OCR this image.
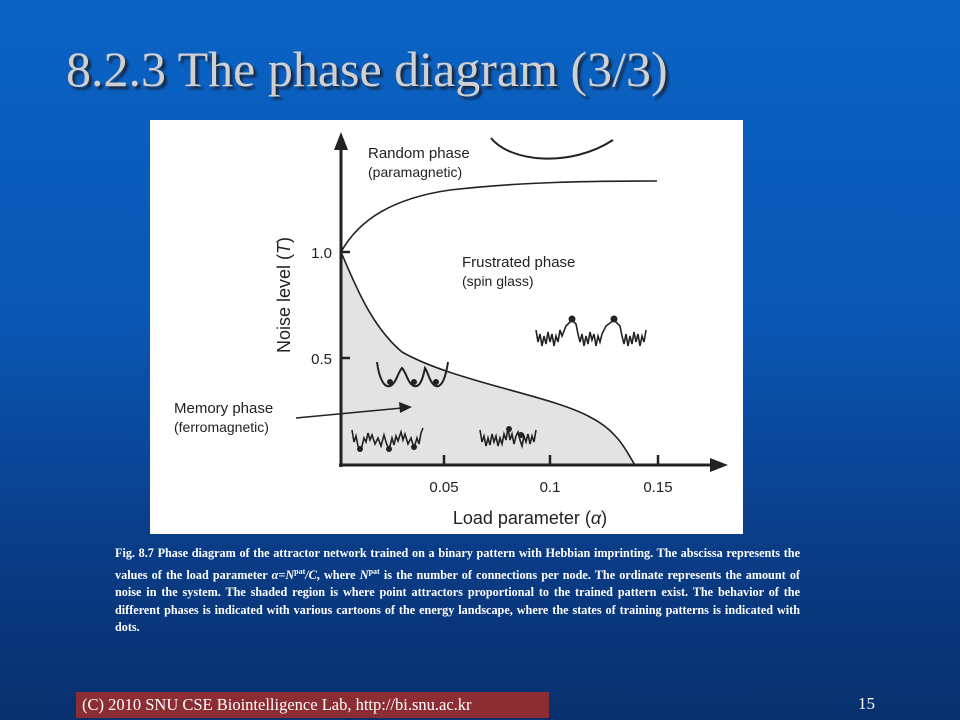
8.2.3 The phase diagram (3/3)
1.0
0.5
0.05	0.1	0.15
Noise level (T)
Load parameter (α)
Random phase
(paramagnetic)
Frustrated phase
(spin glass)
Memory phase
(ferromagnetic)
Fig. 8.7 Phase diagram of the attractor network trained on a binary pattern with Hebbian imprinting. The abscissa represents the values of the load parameter $\alpha=N^{pat}/C$, where $N^{pat}$ is the number of connections per node. The ordinate represents the amount of noise in the system. The shaded region is where point attractors proportional to the trained pattern exist. The behavior of the different phases is indicated with various cartoons of the energy landscape, where the states of training patterns is indicated with dots.
(C) 2010 SNU CSE Biointelligence Lab, http://bi.snu.ac.kr	15
